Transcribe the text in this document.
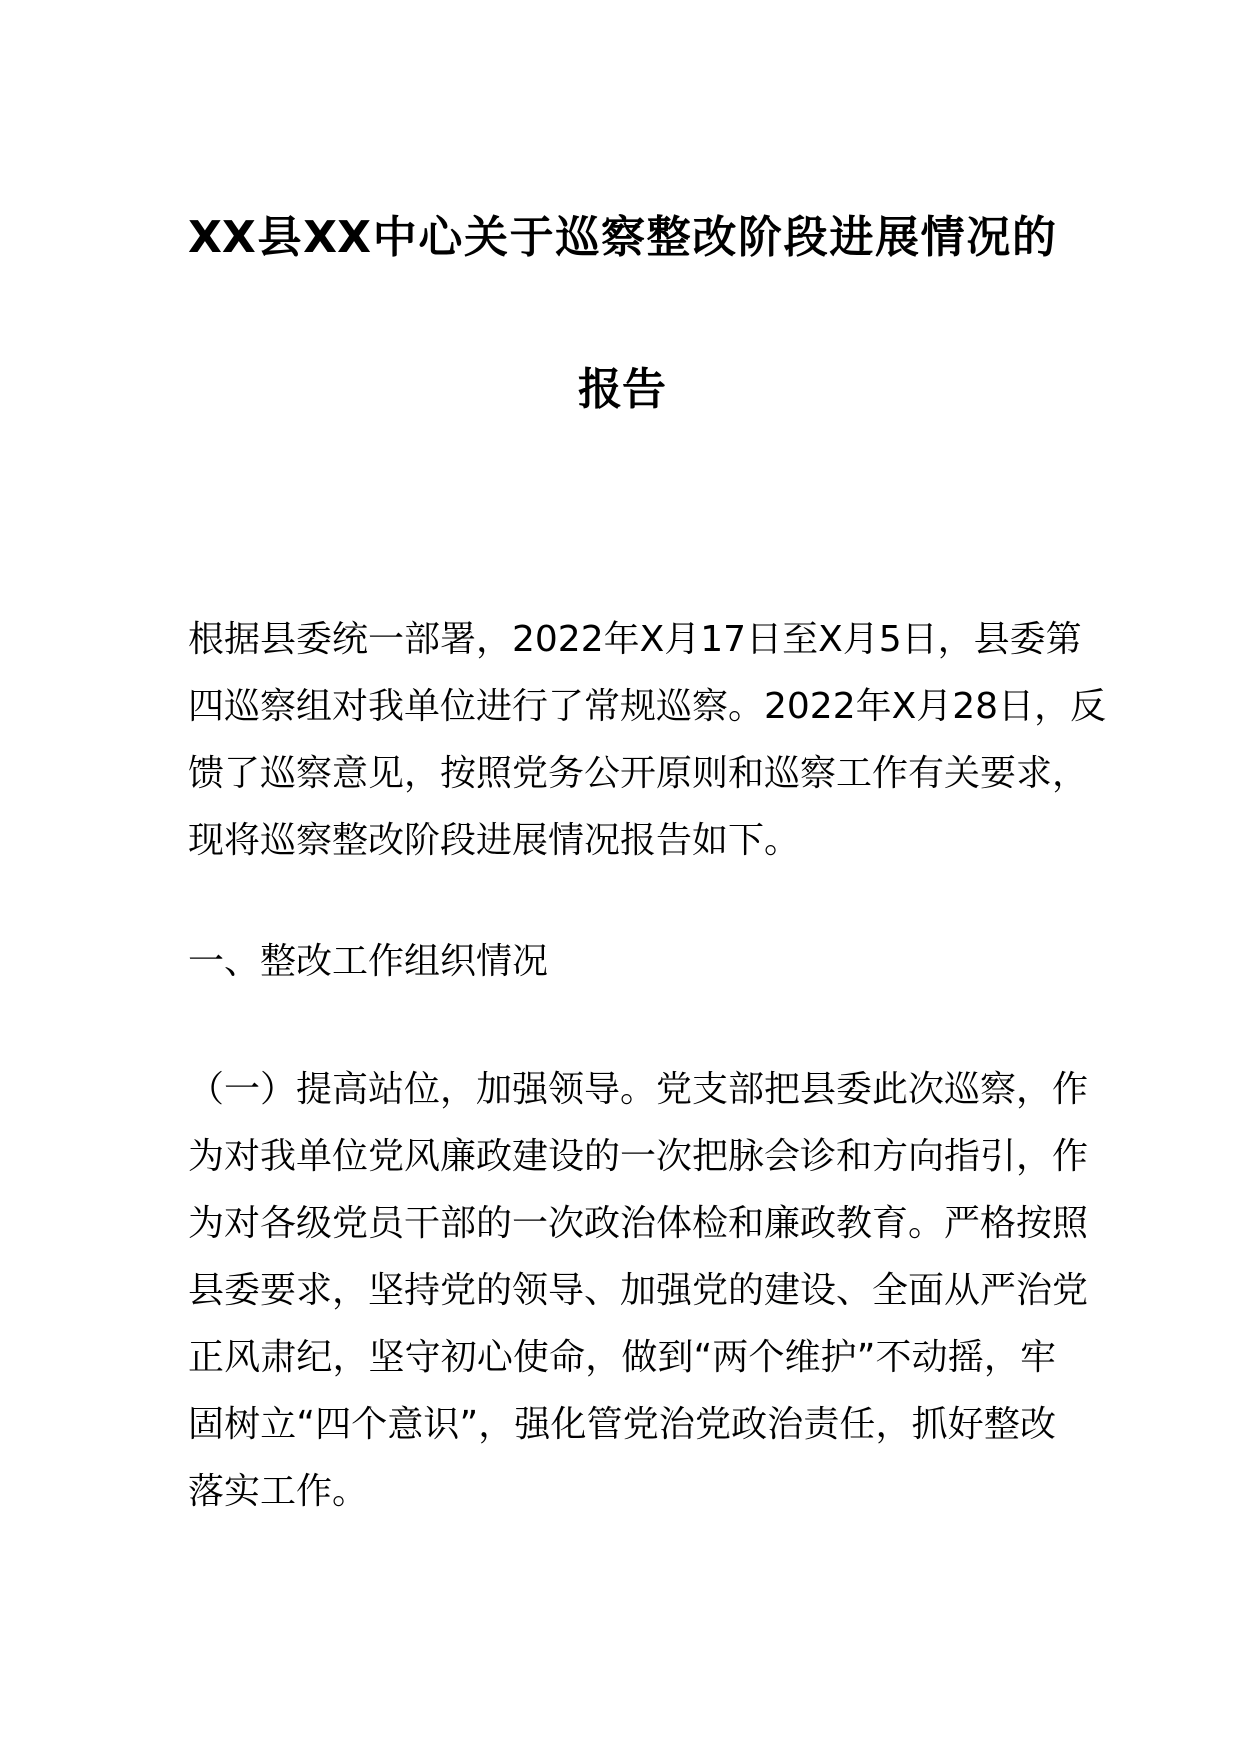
XX县XX中心关于巡察整改阶段进展情况的
报告
根据县委统一部署，2022年X月17日至X月5日，县委第
四巡察组对我单位进行了常规巡察。2022年X月28日，反
馈了巡察意见，按照党务公开原则和巡察工作有关要求，
现将巡察整改阶段进展情况报告如下。
一、整改工作组织情况
（一）提高站位，加强领导。党支部把县委此次巡察，作
为对我单位党风廉政建设的一次把脉会诊和方向指引，作
为对各级党员干部的一次政治体检和廉政教育。严格按照
县委要求，坚持党的领导、加强党的建设、全面从严治党
正风肃纪，坚守初心使命，做到“两个维护”不动摇，牢
固树立“四个意识”，强化管党治党政治责任，抓好整改
落实工作。
